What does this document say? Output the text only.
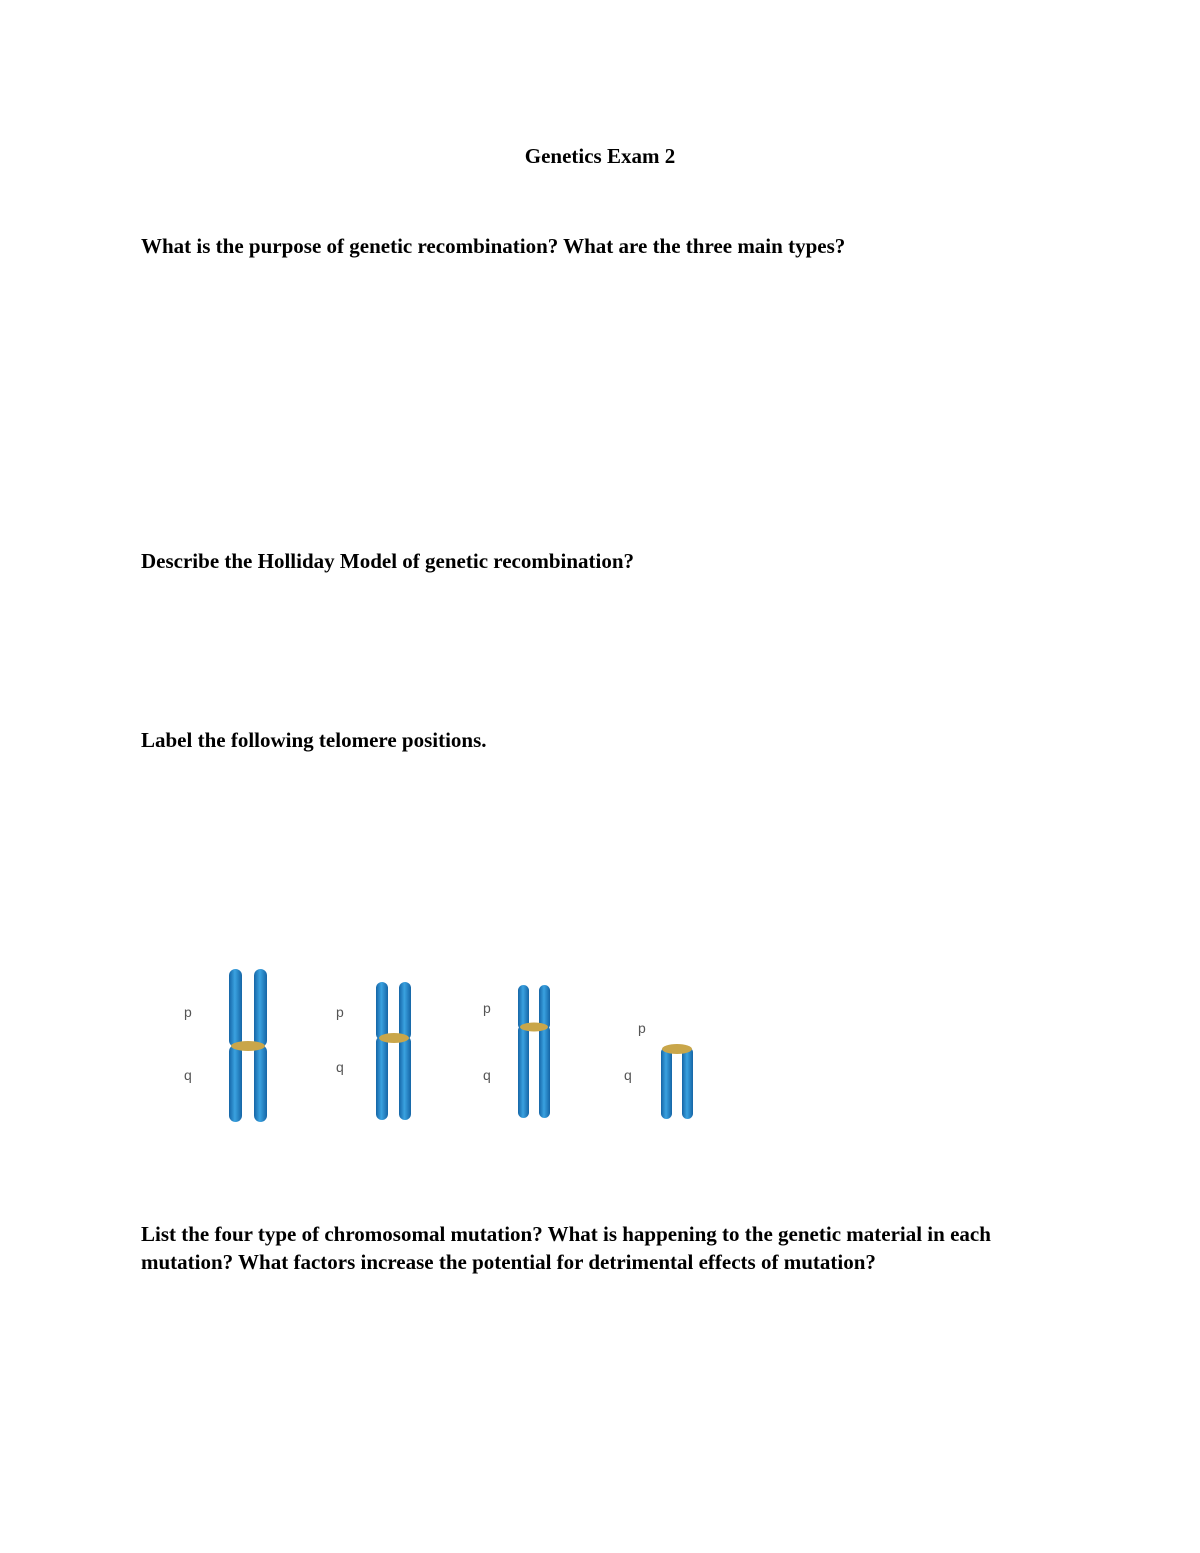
Genetics Exam 2
What is the purpose of genetic recombination? What are the three main types?
Describe the Holliday Model of genetic recombination?
Label the following telomere positions.
p
q
p
q
p
q
p
q
List the four type of chromosomal mutation? What is happening to the genetic material in each mutation? What factors increase the potential for detrimental effects of mutation?
